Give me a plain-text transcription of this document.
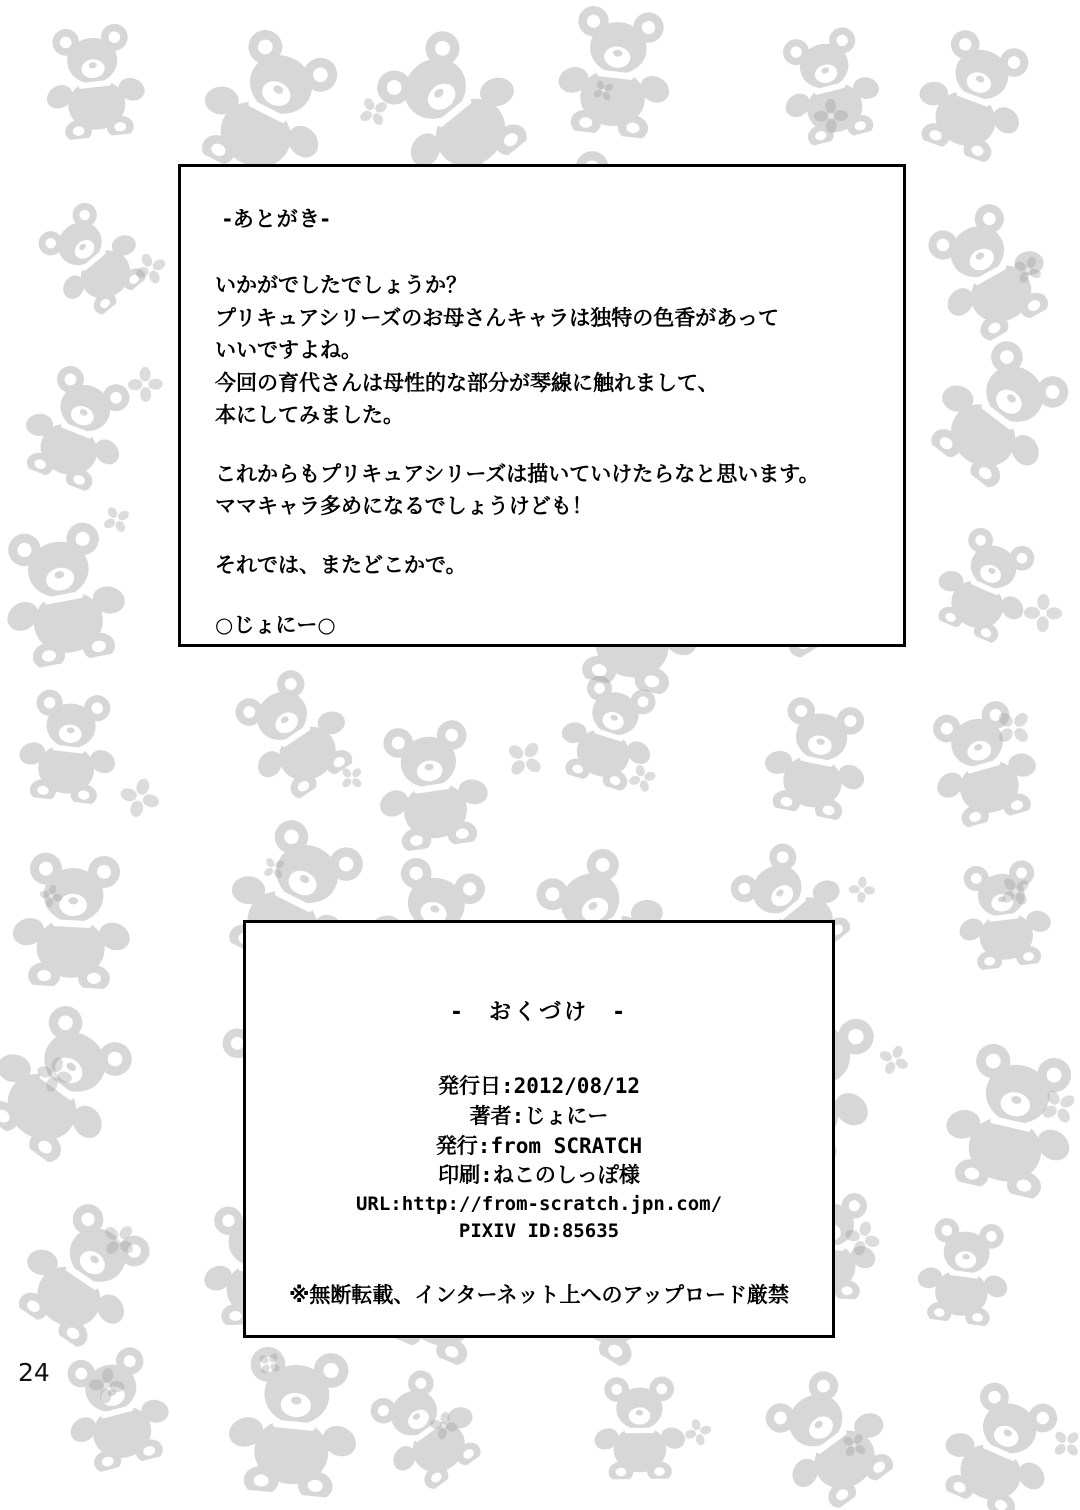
-あとがき-
いかがでしたでしょうか？
プリキュアシリーズのお母さんキャラは独特の色香があって
いいですよね。
今回の育代さんは母性的な部分が琴線に触れまして、
本にしてみました。
これからもプリキュアシリーズは描いていけたらなと思います。
ママキャラ多めになるでしょうけども！
それでは、またどこかで。
○じょにー○
-　おくづけ　-
発行日:2012/08/12
著者:じょにー
発行:from SCRATCH
印刷:ねこのしっぽ様
URL:http://from-scratch.jpn.com/
PIXIV ID:85635
※無断転載、インターネット上へのアップロード厳禁
24
